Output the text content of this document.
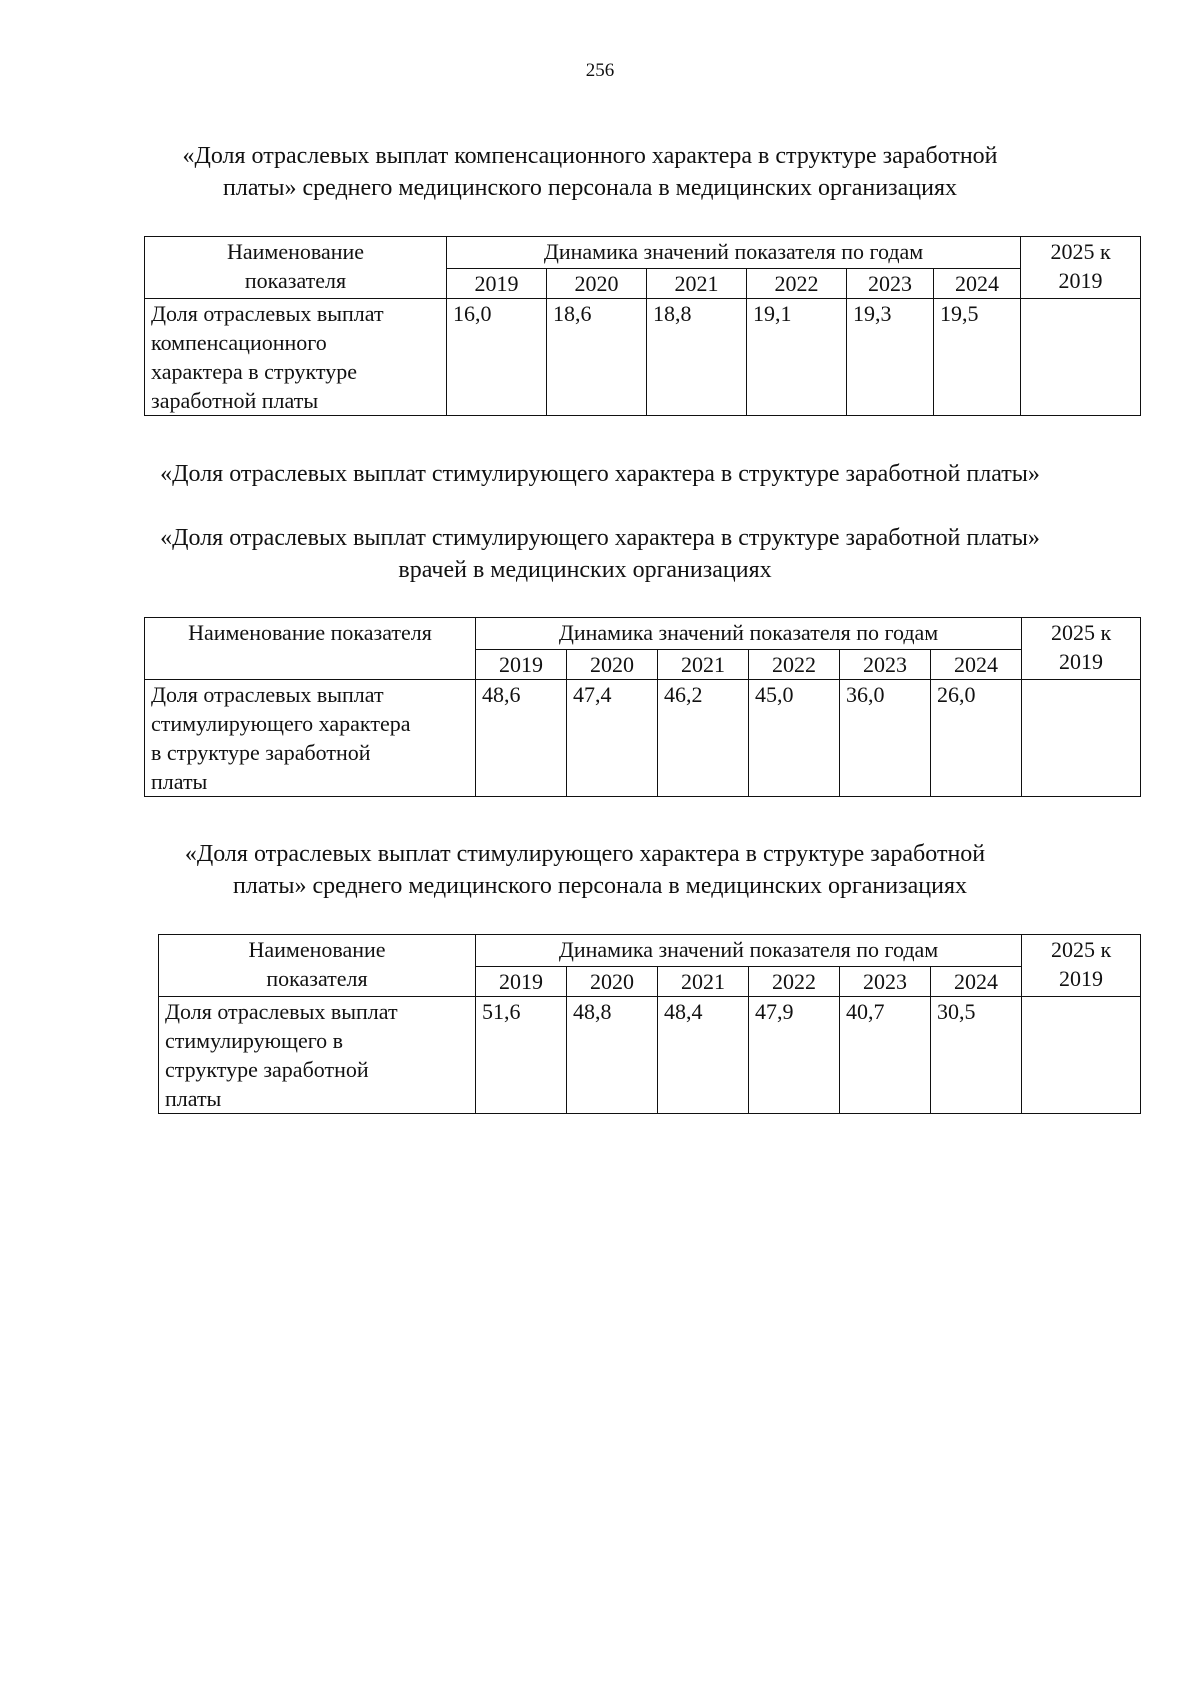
256
«Доля отраслевых выплат компенсационного характера в структуре заработной
платы» среднего медицинского персонала в медицинских организациях
Наименование
показателя	Динамика значений показателя по годам						2025 к
2019

	2019	2020	2021	2022	2023	2024	

Доля отраслевых выплат
компенсационного
характера в структуре
заработной платы	16,0	18,6	18,8	19,1	19,3	19,5	
«Доля отраслевых выплат стимулирующего характера в структуре заработной платы»
«Доля отраслевых выплат стимулирующего характера в структуре заработной платы»
врачей в медицинских организациях
Наименование показателя	Динамика значений показателя по годам						2025 к
2019

	2019	2020	2021	2022	2023	2024	

Доля отраслевых выплат
стимулирующего характера
в структуре заработной
платы	48,6	47,4	46,2	45,0	36,0	26,0	
«Доля отраслевых выплат стимулирующего характера в структуре заработной
платы» среднего медицинского персонала в медицинских организациях
Наименование
показателя	Динамика значений показателя по годам						2025 к
2019

	2019	2020	2021	2022	2023	2024	

Доля отраслевых выплат
стимулирующего в
структуре заработной
платы	51,6	48,8	48,4	47,9	40,7	30,5	
